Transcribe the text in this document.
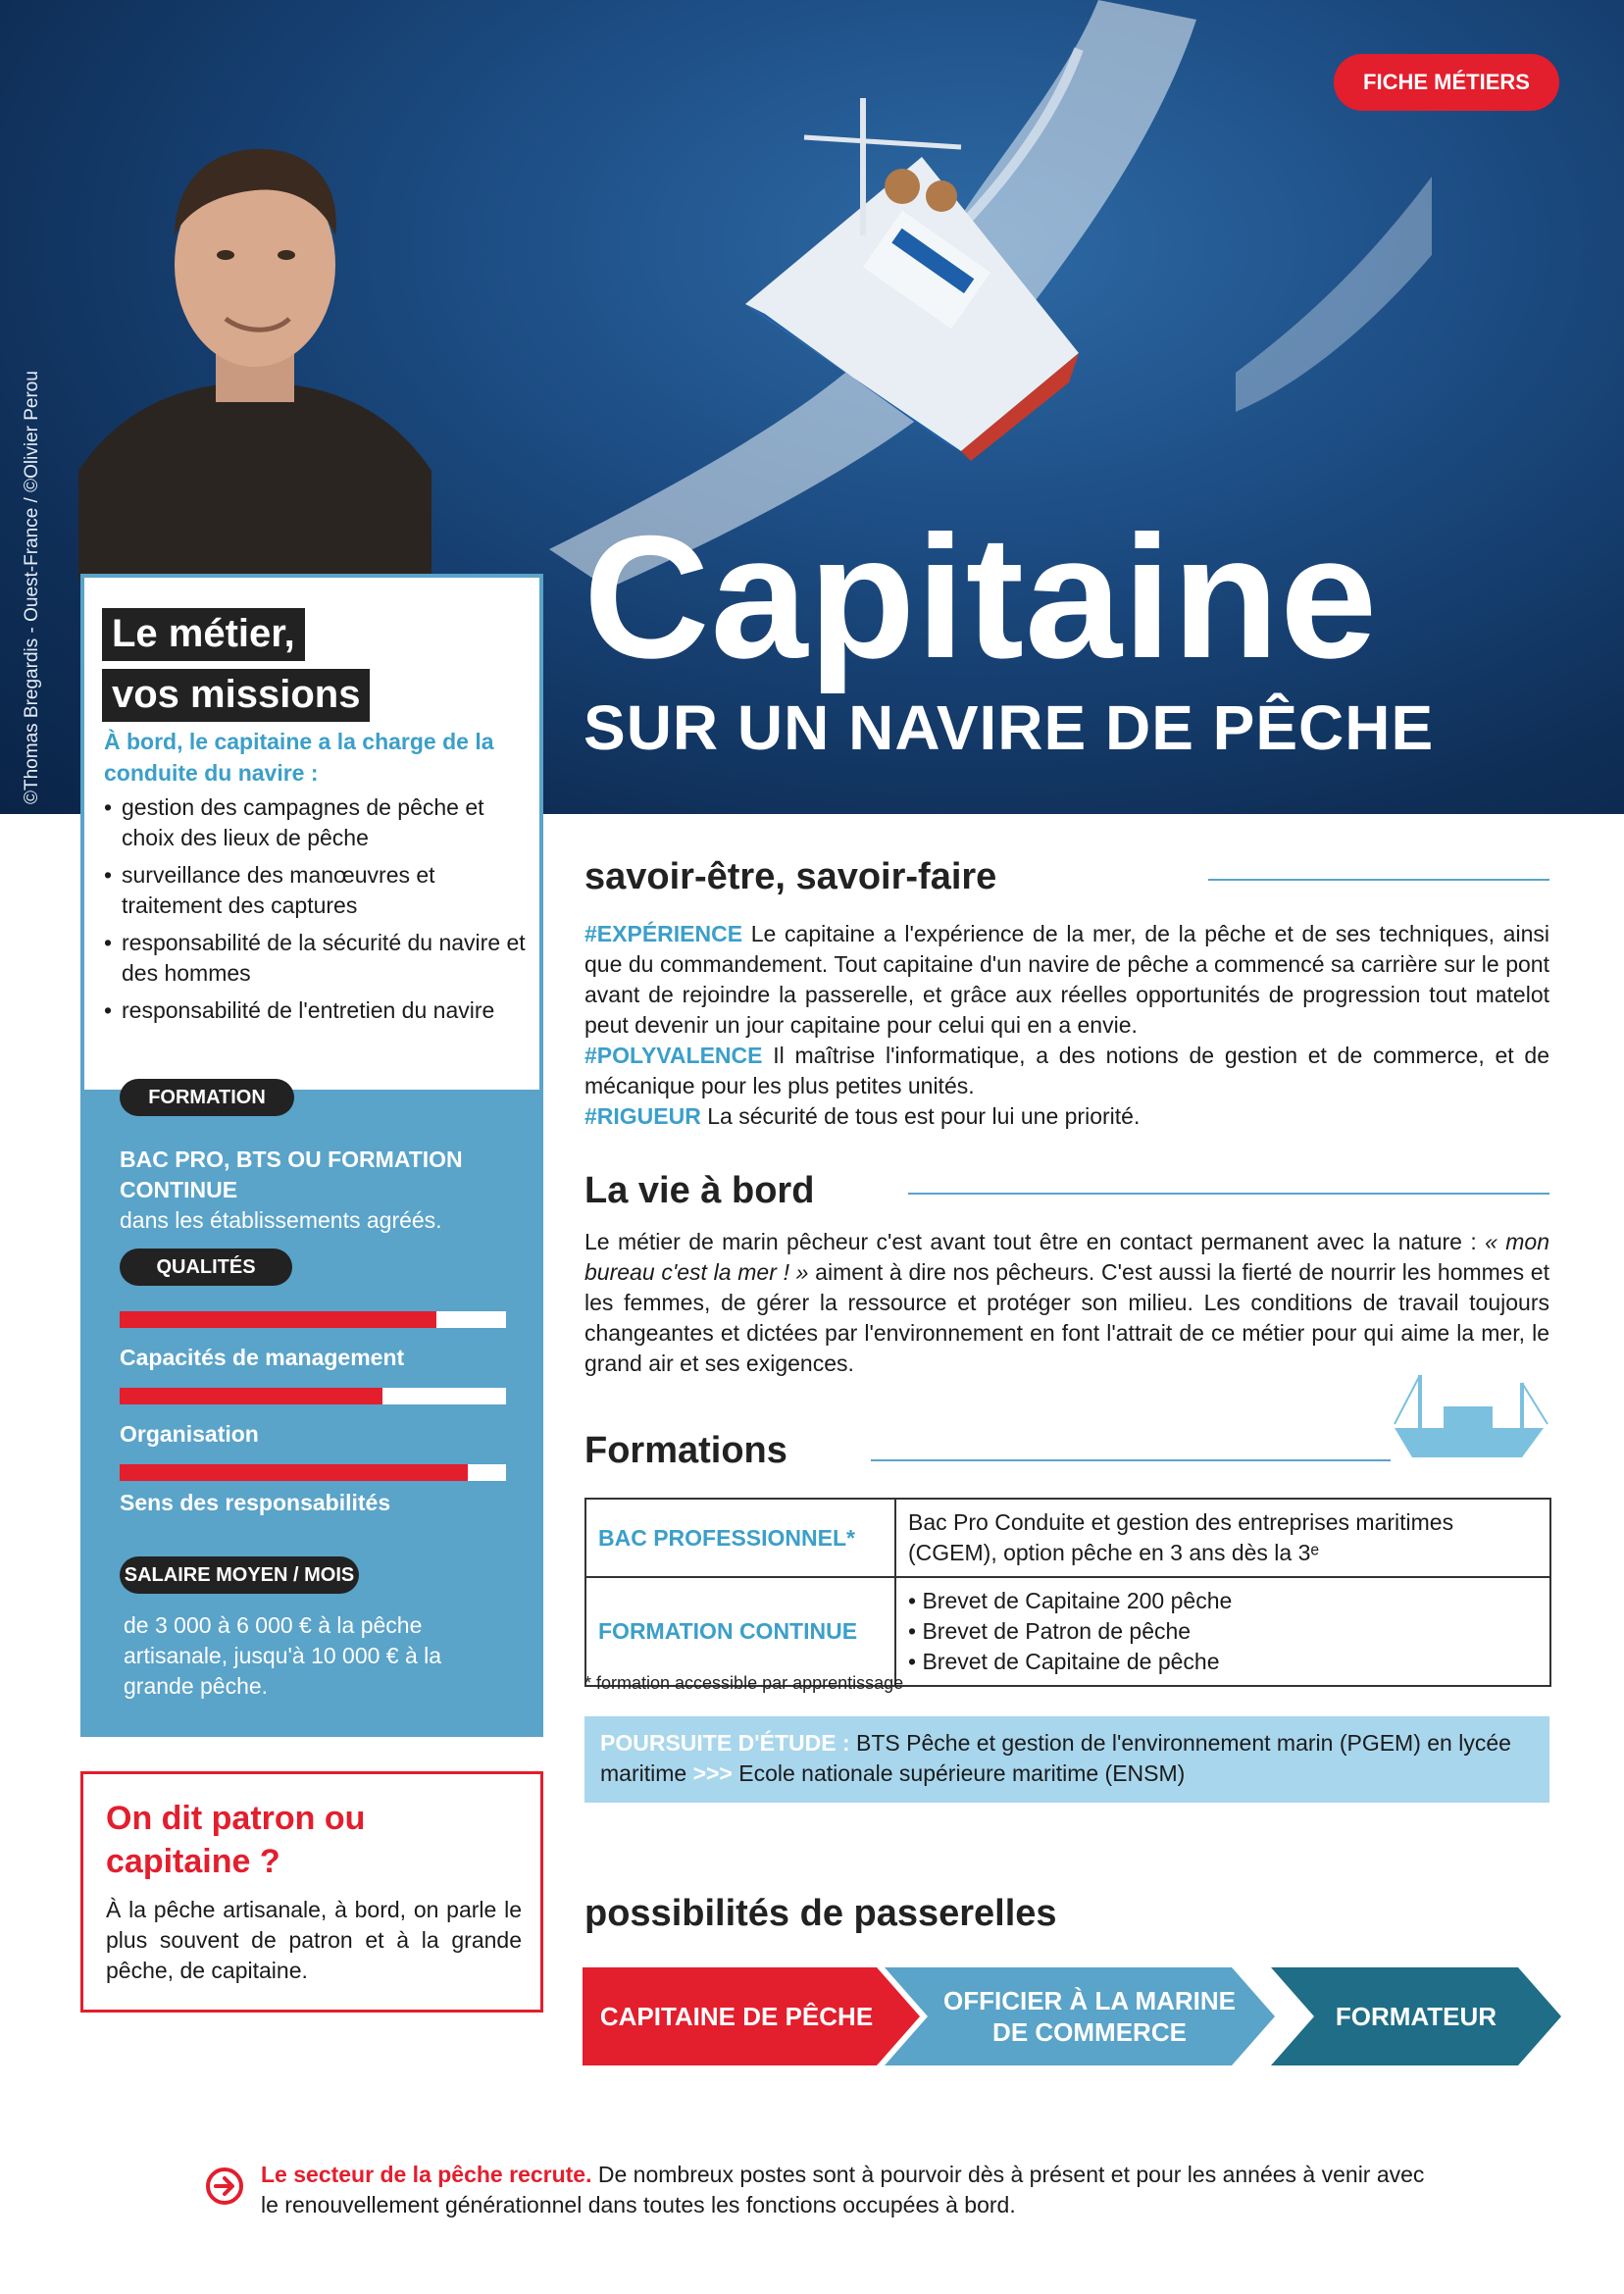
©Thomas Bregardis - Ouest-France / ©Olivier Perou
FICHE MÉTIERS
Capitaine
SUR UN NAVIRE DE PÊCHE
Le métier,
vos missions
À bord, le capitaine a la charge de la conduite du navire :
• gestion des campagnes de pêche et choix des lieux de pêche
• surveillance des manœuvres et traitement des captures
• responsabilité de la sécurité du navire et des hommes
• responsabilité de l'entretien du navire
FORMATION
BAC PRO, BTS OU FORMATION CONTINUE
dans les établissements agréés.
QUALITÉS
Capacités de management
Organisation
Sens des responsabilités
SALAIRE MOYEN / MOIS
de 3 000 à 6 000 € à la pêche artisanale, jusqu'à 10 000 € à la grande pêche.
On dit patron ou capitaine ?
À la pêche artisanale, à bord, on parle le plus souvent de patron et à la grande pêche, de capitaine.
savoir-être, savoir-faire
#EXPÉRIENCE Le capitaine a l'expérience de la mer, de la pêche et de ses techniques, ainsi que du commandement. Tout capitaine d'un navire de pêche a commencé sa carrière sur le pont avant de rejoindre la passerelle, et grâce aux réelles opportunités de progression tout matelot peut devenir un jour capitaine pour celui qui en a envie.
#POLYVALENCE Il maîtrise l'informatique, a des notions de gestion et de commerce, et de mécanique pour les plus petites unités.
#RIGUEUR La sécurité de tous est pour lui une priorité.
La vie à bord
Le métier de marin pêcheur c'est avant tout être en contact permanent avec la nature : « mon bureau c'est la mer ! » aiment à dire nos pêcheurs. C'est aussi la fierté de nourrir les hommes et les femmes, de gérer la ressource et protéger son milieu. Les conditions de travail toujours changeantes et dictées par l'environnement en font l'attrait de ce métier pour qui aime la mer, le grand air et ses exigences.
Formations
BAC PROFESSIONNEL*	Bac Pro Conduite et gestion des entreprises maritimes (CGEM), option pêche en 3 ans dès la 3ᵉ
FORMATION CONTINUE	• Brevet de Capitaine 200 pêche
• Brevet de Patron de pêche
• Brevet de Capitaine de pêche
* formation accessible par apprentissage
POURSUITE D'ÉTUDE : BTS Pêche et gestion de l'environnement marin (PGEM) en lycée maritime >>> Ecole nationale supérieure maritime (ENSM)
possibilités de passerelles
CAPITAINE DE PÊCHE
OFFICIER À LA MARINE DE COMMERCE
FORMATEUR
Le secteur de la pêche recrute. De nombreux postes sont à pourvoir dès à présent et pour les années à venir avec le renouvellement générationnel dans toutes les fonctions occupées à bord.
